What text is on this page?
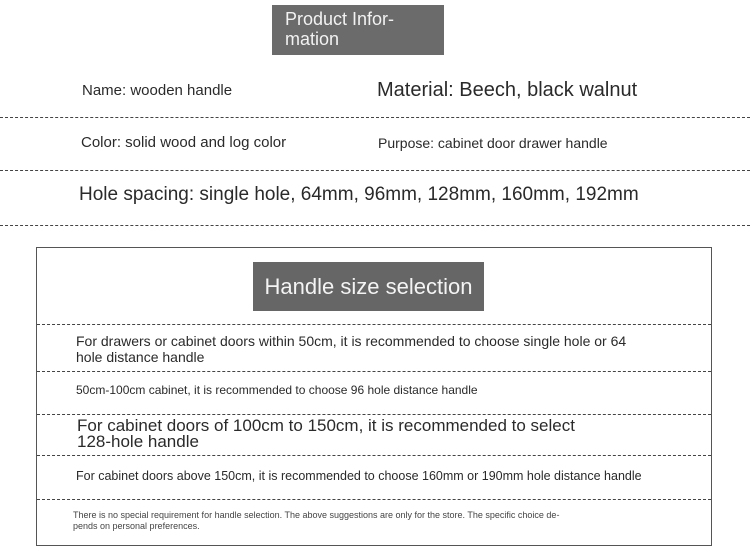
Product Infor-
mation
Name: wooden handle	Material: Beech, black walnut
Color: solid wood and log color	Purpose: cabinet door drawer handle
Hole spacing: single hole, 64mm, 96mm, 128mm, 160mm, 192mm
Handle size selection
For drawers or cabinet doors within 50cm, it is recommended to choose single hole or 64
hole distance handle
50cm-100cm cabinet, it is recommended to choose 96 hole distance handle
For cabinet doors of 100cm to 150cm, it is recommended to select
128-hole handle
For cabinet doors above 150cm, it is recommended to choose 160mm or 190mm hole distance handle
There is no special requirement for handle selection. The above suggestions are only for the store. The specific choice de-
pends on personal preferences.
